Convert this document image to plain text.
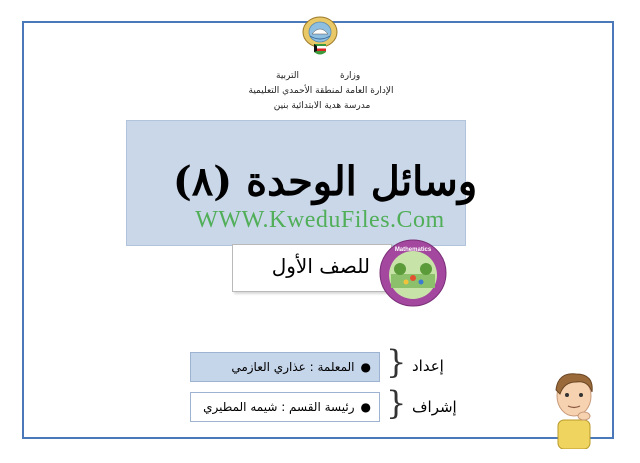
وزارة
التربية
الإدارة العامة لمنطقة الأحمدي التعليمية
مدرسة هدية الابتدائية بنين
وسائل الوحدة (٨)
WWW.KweduFiles.Com
للصف الأول
Mathematics
إعداد
}
●المعلمة : عذاري العازمي
إشراف
}
●رئيسة القسم : شيمه المطيري
